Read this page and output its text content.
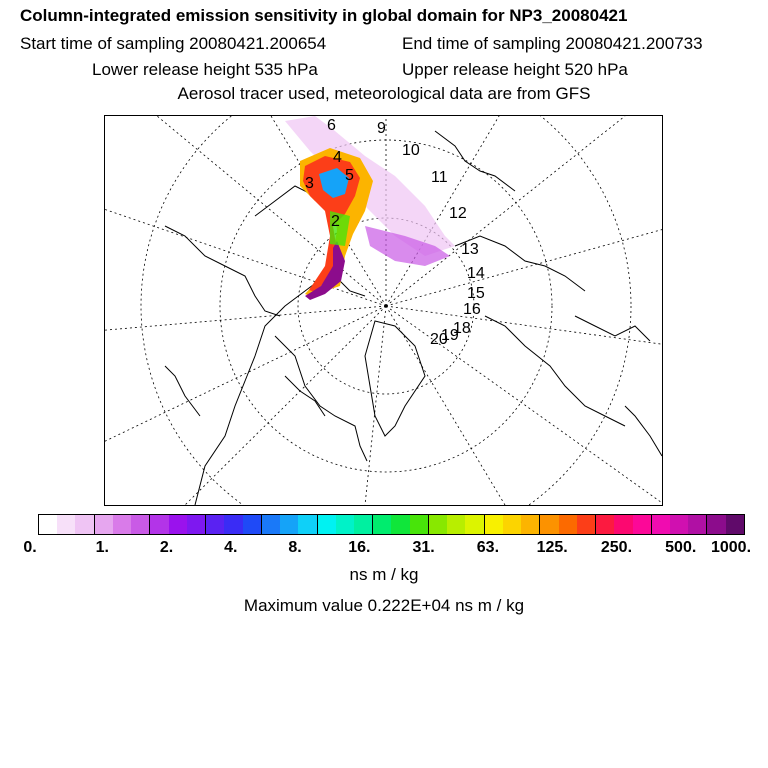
Column-integrated emission sensitivity in global domain for NP3_20080421
Start time of sampling 20080421.200654	End time of sampling 20080421.200733
Lower release height 535 hPa	Upper release height 520 hPa
Aerosol tracer used, meteorological data are from GFS
2
3
4
5
6	9
10
11
12
13
14
15
16
18
19
20
0.	1.	2.	4.	8.	16.	31.	63. 125. 250. 500. 1000.
ns m / kg
Maximum value 0.222E+04 ns m / kg
